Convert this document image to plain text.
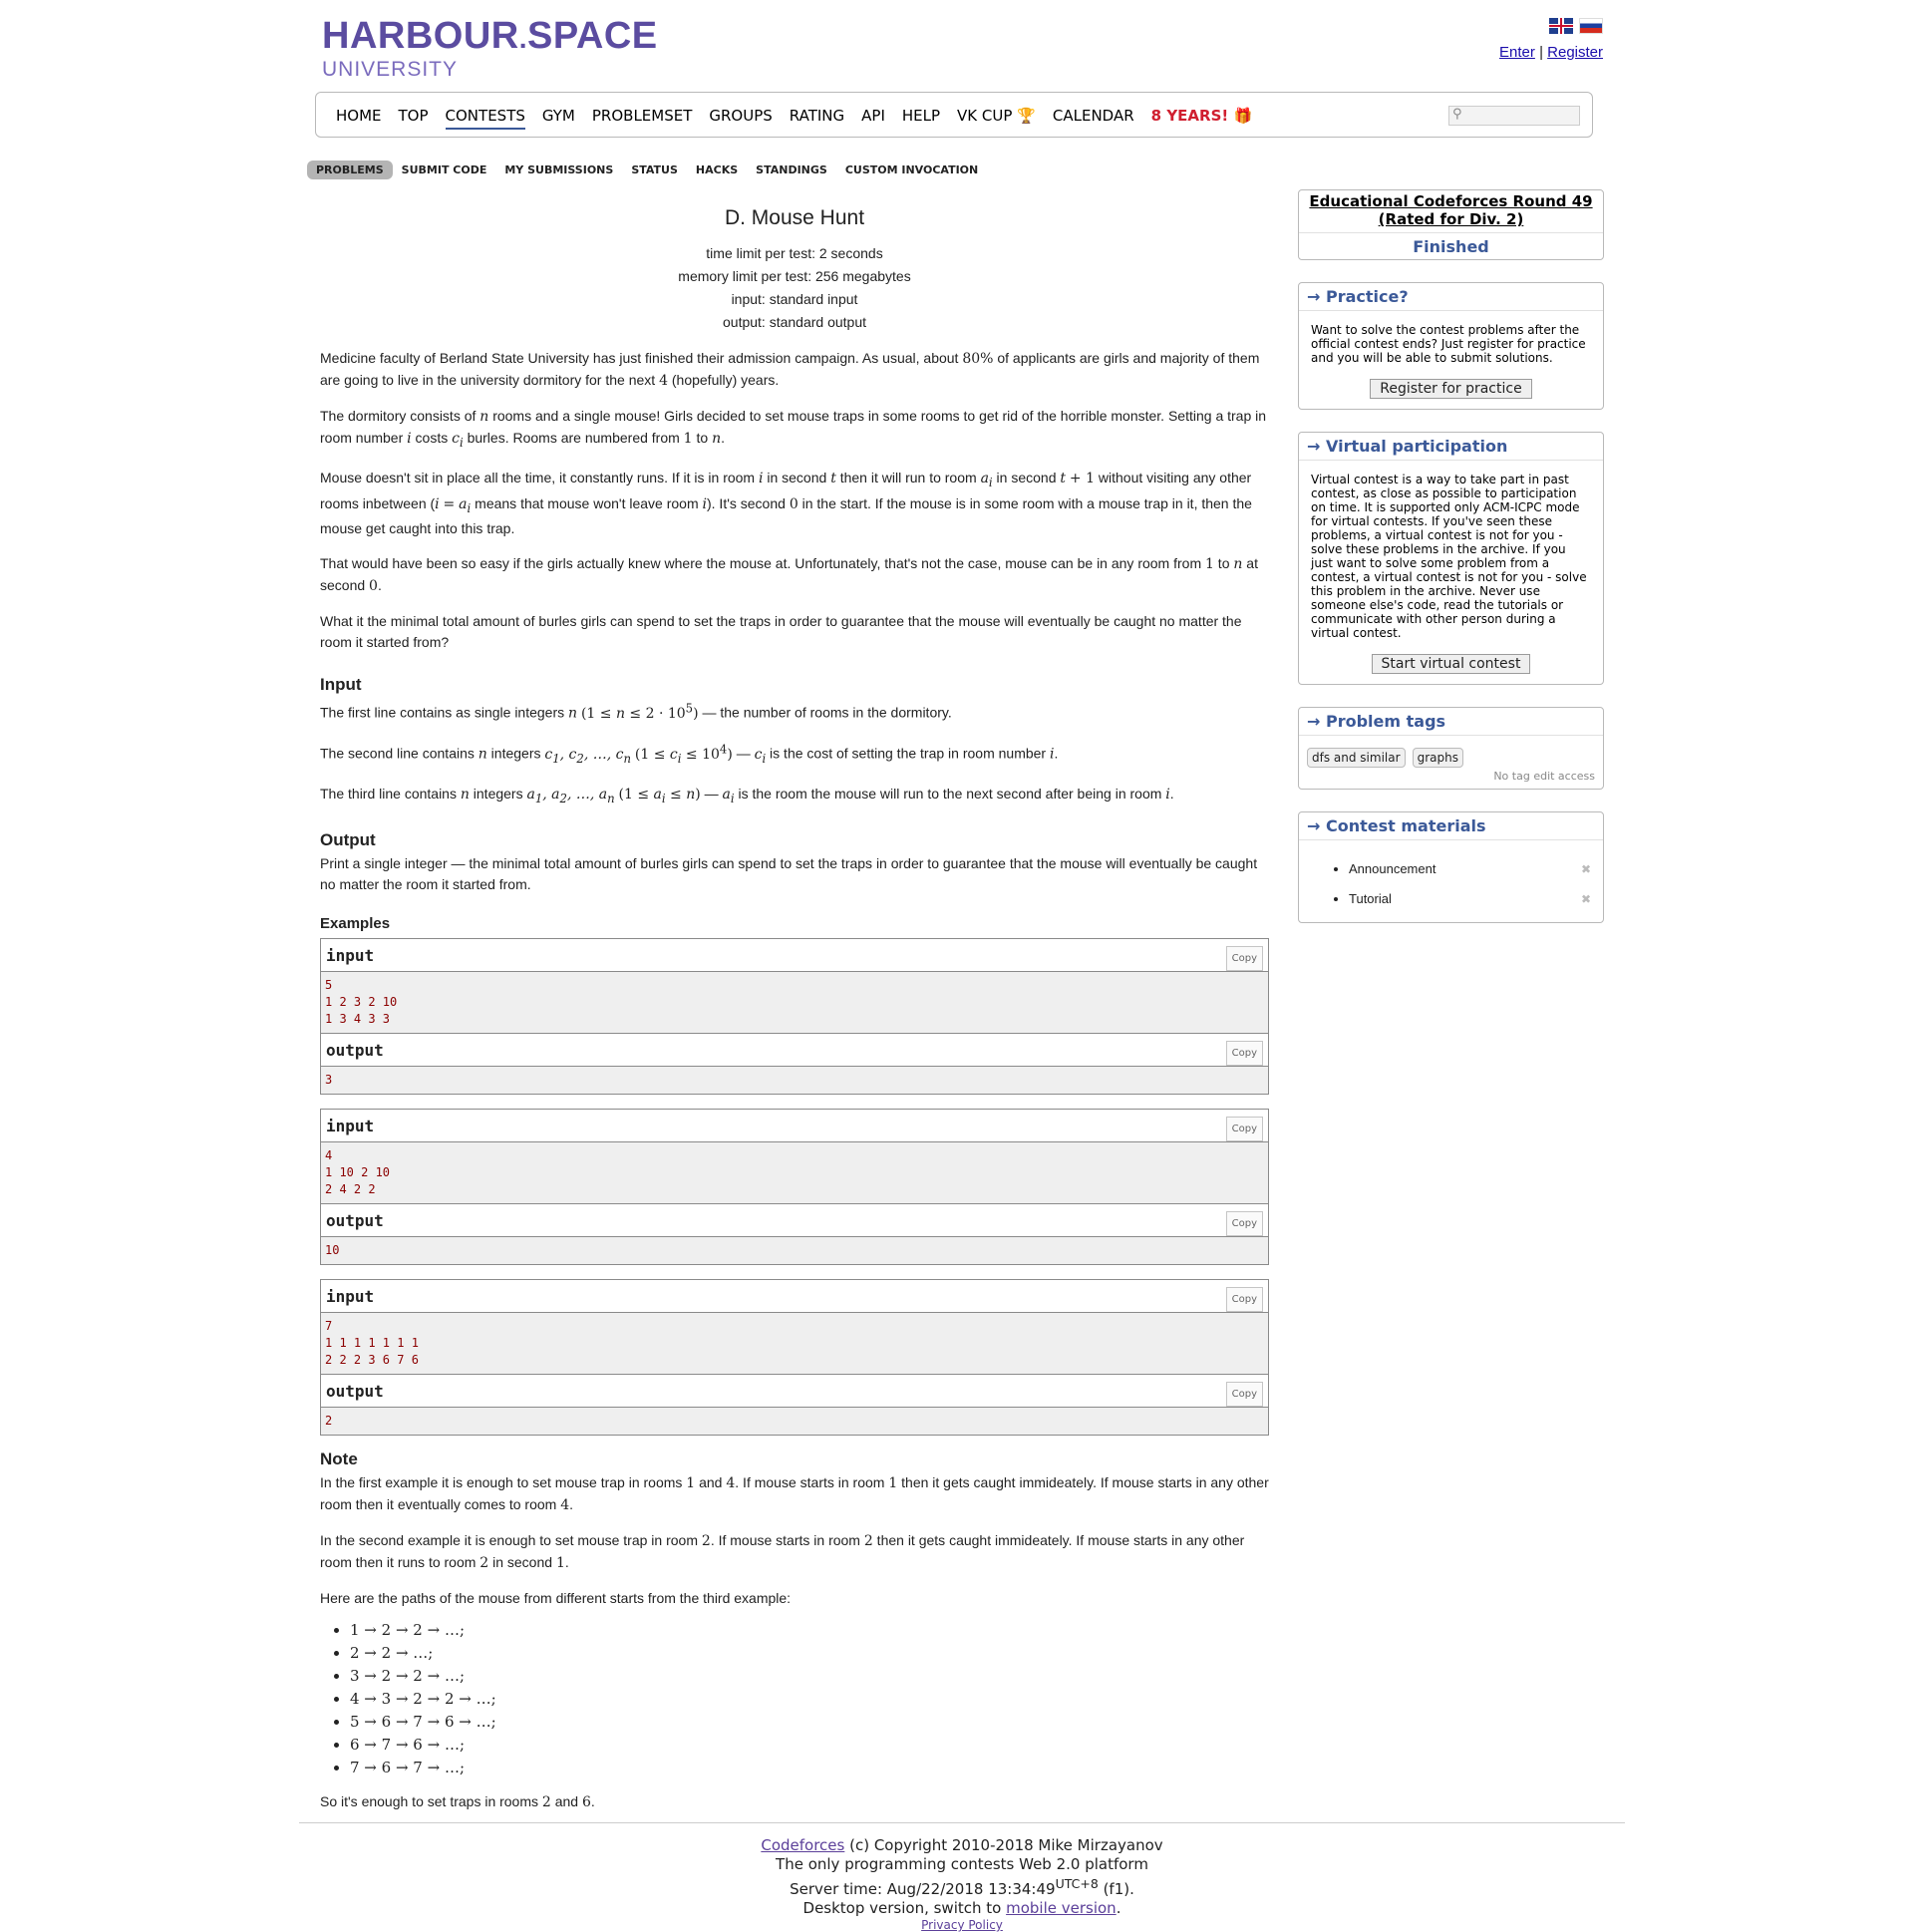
HARBOUR.SPACE
UNIVERSITY
Enter | Register
HOME TOP CONTESTS GYM PROBLEMSET GROUPS RATING API HELP VK CUP 🏆 CALENDAR 8 YEARS! 🎁	⚲
PROBLEMS	SUBMIT CODE	MY SUBMISSIONS	STATUS	HACKS	STANDINGS	CUSTOM INVOCATION
D. Mouse Hunt
time limit per test: 2 seconds
memory limit per test: 256 megabytes
input: standard input
output: standard output

Medicine faculty of Berland State University has just finished their admission campaign. As usual, about 80% of applicants are girls and majority of them are going to live in the university dormitory for the next 4 (hopefully) years.

The dormitory consists of n rooms and a single mouse! Girls decided to set mouse traps in some rooms to get rid of the horrible monster. Setting a trap in room number i costs $c_i$ burles. Rooms are numbered from 1 to n.

Mouse doesn't sit in place all the time, it constantly runs. If it is in room i in second t then it will run to room $a_i$ in second t + 1 without visiting any other rooms inbetween ($i = a_i$ means that mouse won't leave room i). It's second 0 in the start. If the mouse is in some room with a mouse trap in it, then the mouse get caught into this trap.

That would have been so easy if the girls actually knew where the mouse at. Unfortunately, that's not the case, mouse can be in any room from 1 to n at second 0.

What it the minimal total amount of burles girls can spend to set the traps in order to guarantee that the mouse will eventually be caught no matter the room it started from?

Input

The first line contains as single integers n $(1 \le n \le 2 \cdot 10^5)$ — the number of rooms in the dormitory.

The second line contains n integers $c_1$, $c_2$, …, $c_n$ $(1 \le c_i \le 10^4)$ — $c_i$ is the cost of setting the trap in room number i.

The third line contains n integers $a_1$, $a_2$, …, $a_n$ $(1 \le a_i \le n)$ — $a_i$ is the room the mouse will run to the next second after being in room i.

Output

Print a single integer — the minimal total amount of burles girls can spend to set the traps in order to guarantee that the mouse will eventually be caught no matter the room it started from.

Examples
input	Copy
5
1 2 3 2 10
1 3 4 3 3
output	Copy
3
input	Copy
4
1 10 2 10
2 4 2 2
output	Copy
10
input	Copy
7
1 1 1 1 1 1 1
2 2 2 3 6 7 6
output	Copy
2
Note

In the first example it is enough to set mouse trap in rooms 1 and 4. If mouse starts in room 1 then it gets caught immideately. If mouse starts in any other room then it eventually comes to room 4.

In the second example it is enough to set mouse trap in room 2. If mouse starts in room 2 then it gets caught immideately. If mouse starts in any other room then it runs to room 2 in second 1.

Here are the paths of the mouse from different starts from the third example:

• 1 → 2 → 2 → …;
• 2 → 2 → …;
• 3 → 2 → 2 → …;
• 4 → 3 → 2 → 2 → …;
• 5 → 6 → 7 → 6 → …;
• 6 → 7 → 6 → …;
• 7 → 6 → 7 → …;

So it's enough to set traps in rooms 2 and 6.

Educational Codeforces Round 49 (Rated for Div. 2)
Finished
→ Practice?
Want to solve the contest problems after the official contest ends? Just register for practice and you will be able to submit solutions.
Register for practice
→ Virtual participation
Virtual contest is a way to take part in past contest, as close as possible to participation on time. It is supported only ACM-ICPC mode for virtual contests. If you've seen these problems, a virtual contest is not for you - solve these problems in the archive. If you just want to solve some problem from a contest, a virtual contest is not for you - solve this problem in the archive. Never use someone else's code, read the tutorials or communicate with other person during a virtual contest.
Start virtual contest
→ Problem tags
dfs and similar graphs
No tag edit access
→ Contest materials
• Announcement	✖
• Tutorial	✖
Codeforces (c) Copyright 2010-2018 Mike Mirzayanov
The only programming contests Web 2.0 platform
Server time: Aug/22/2018 $13:34:49^{UTC+8}$ (f1).
Desktop version, switch to mobile version.
Privacy Policy
